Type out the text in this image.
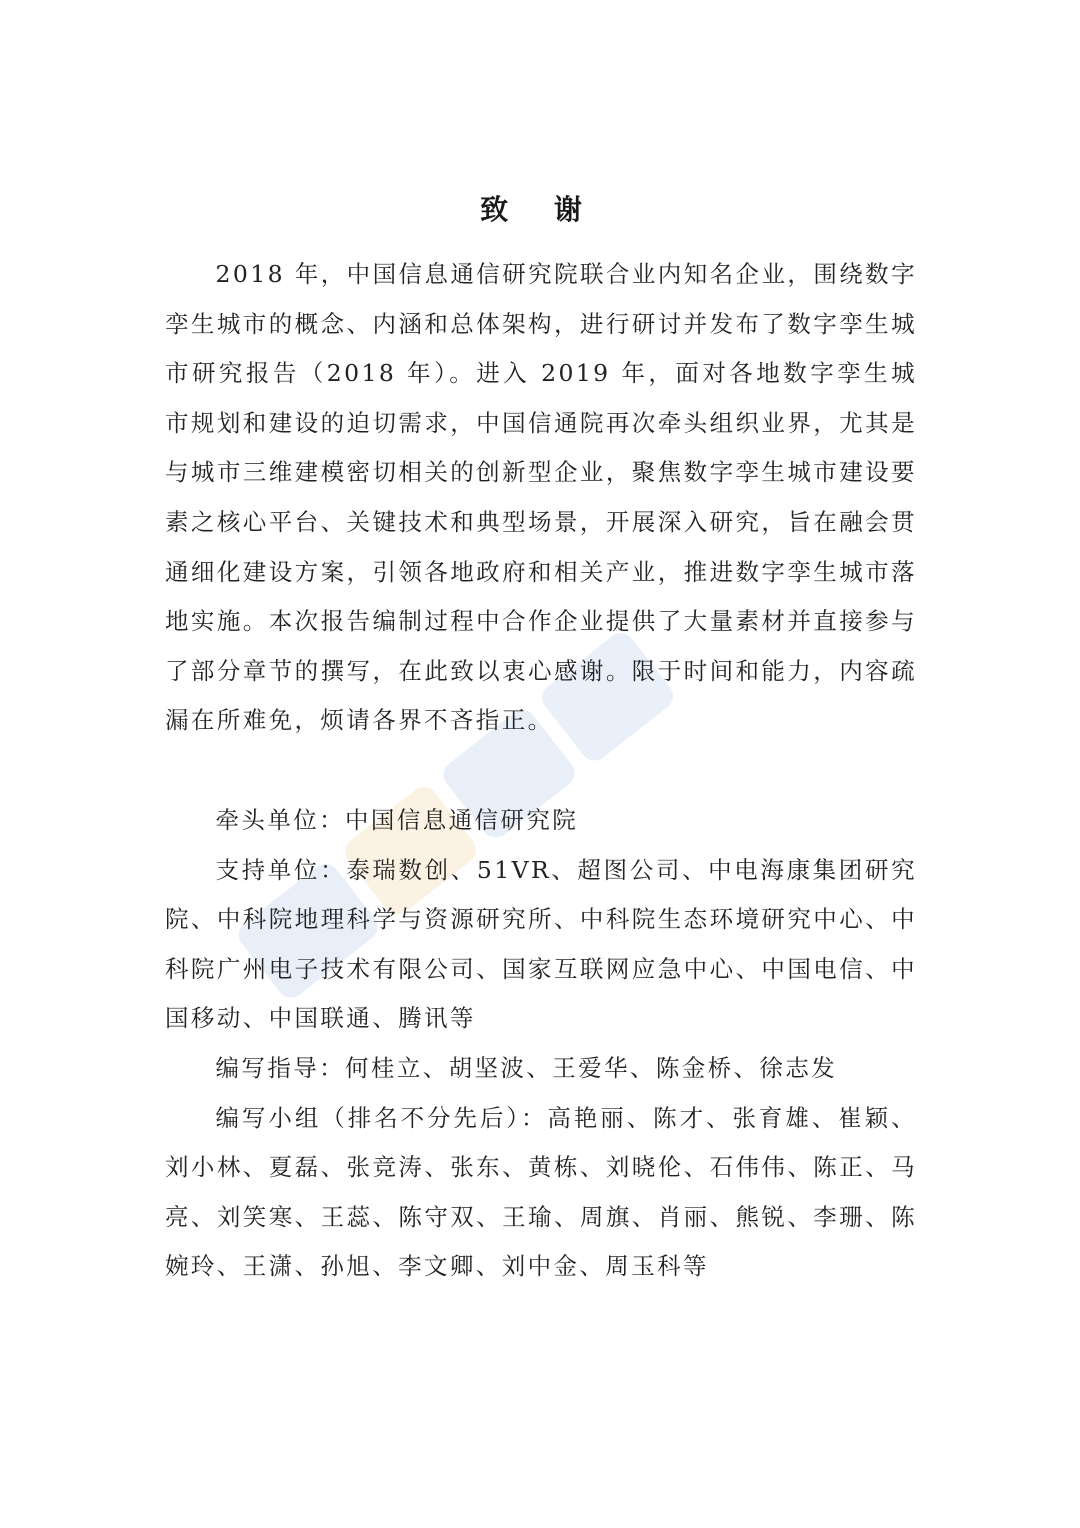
致 谢

2018 年，中国信息通信研究院联合业内知名企业，围绕数字孪生城市的概念、内涵和总体架构，进行研讨并发布了数字孪生城市研究报告（2018 年）。进入 2019 年，面对各地数字孪生城市规划和建设的迫切需求，中国信通院再次牵头组织业界，尤其是与城市三维建模密切相关的创新型企业，聚焦数字孪生城市建设要素之核心平台、关键技术和典型场景，开展深入研究，旨在融会贯通细化建设方案，引领各地政府和相关产业，推进数字孪生城市落地实施。本次报告编制过程中合作企业提供了大量素材并直接参与了部分章节的撰写，在此致以衷心感谢。限于时间和能力，内容疏漏在所难免，烦请各界不吝指正。

牵头单位：中国信息通信研究院

支持单位：泰瑞数创、51VR、超图公司、中电海康集团研究院、中科院地理科学与资源研究所、中科院生态环境研究中心、中科院广州电子技术有限公司、国家互联网应急中心、中国电信、中国移动、中国联通、腾讯等

编写指导：何桂立、胡坚波、王爱华、陈金桥、徐志发

编写小组（排名不分先后）：高艳丽、陈才、张育雄、崔颖、刘小林、夏磊、张竞涛、张东、黄栋、刘晓伦、石伟伟、陈正、马亮、刘笑寒、王蕊、陈守双、王瑜、周旗、肖丽、熊锐、李珊、陈婉玲、王潇、孙旭、李文卿、刘中金、周玉科等
